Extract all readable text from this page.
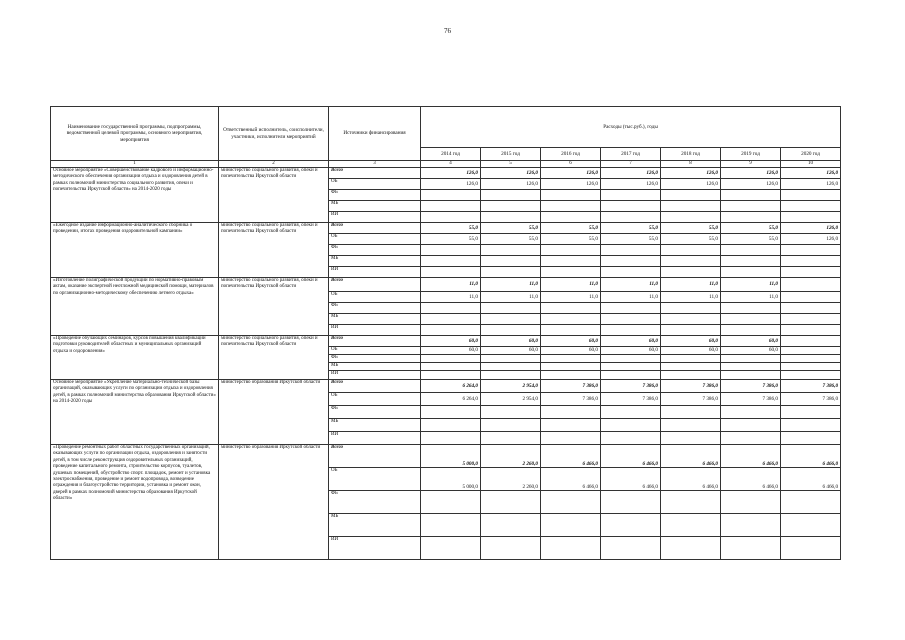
76
Наименование государственной программы, подпрограммы, ведомственной целевой программы, основного мероприятия, мероприятия	Ответственный исполнитель, соисполнители, участники, исполнители мероприятий	Источники финансирования	Расходы (тыс.руб.), годы						
			2014 год	2015 год	2016 год	2017 год	2018 год	2019 год	2020 год
1	2	3	4	5	6	7	8	9	10
Основное мероприятие «Совершенствование кадрового и информационно-методического обеспечения организации отдыха и оздоровления детей в рамках полномочий министерства социального развития, опеки и попечительства Иркутской области» на 2014-2020 годы	министерство социального развития, опеки и попечительства Иркутской области	Всего	126,0	126,0	126,0	126,0	126,0	126,0	126,0
		ОБ	126,0	126,0	126,0	126,0	126,0	126,0	126,0
		ФБ							
		МБ							
		ИИ							
«Ежегодное издание информационно-аналитического сборника о проведении, итогах проведения оздоровительной кампании»	министерство социального развития, опеки и попечительства Иркутской области	Всего	55,0	55,0	55,0	55,0	55,0	55,0	126,0
		ОБ	55,0	55,0	55,0	55,0	55,0	55,0	126,0
		ФБ							
		МБ							
		ИИ							
«Изготовление полиграфической продукции по нормативно-правовым актам, оказание экспертной неотложной медицинской помощи, материалов по организационно-методическому обеспечению летнего отдыха»	министерство социального развития, опеки и попечительства Иркутской области	Всего	11,0	11,0	11,0	11,0	11,0	11,0	
		ОБ	11,0	11,0	11,0	11,0	11,0	11,0	
		ФБ							
		МБ							
		ИИ							
«Проведение обучающих семинаров, курсов повышения квалификации подготовки руководителей областных и муниципальных организаций отдыха и оздоровления»	министерство социального развития, опеки и попечительства Иркутской области	Всего	60,0	60,0	60,0	60,0	60,0	60,0	
		ОБ	60,0	60,0	60,0	60,0	60,0	60,0	
		ФБ							
		МБ							
		ИИ							
Основное мероприятие «Укрепление материально-технической базы организаций, оказывающих услуги по организации отдыха и оздоровления детей, в рамках полномочий министерства образования Иркутской области» на 2014-2020 годы	министерство образования Иркутской области	Всего	6 264,0	2 954,0	7 386,0	7 386,0	7 386,0	7 386,0	7 386,0
		ОБ	6 264,0	2 954,0	7 386,0	7 386,0	7 386,0	7 386,0	7 386,0
		ФБ							
		МБ							
		ИИ							
«Проведение ремонтных работ областных государственных организаций, оказывающих услуги по организации отдыха, оздоровления и занятости детей, в том числе реконструкция оздоровительных организаций, проведение капитального ремонта, строительство корпусов, туалетов, душевых помещений, обустройство спорт. площадок, ремонт и установка электроснабжения, проведение и ремонт водопровода, возведение ограждения и благоустройство территории, установка и ремонт окон, дверей в рамках полномочий министерства образования Иркутской области»	министерство образования Иркутской области	Всего	5 000,0	2 260,0	6 466,0	6 466,0	6 466,0	6 466,0	6 466,0
		ОБ	5 000,0	2 260,0	6 466,0	6 466,0	6 466,0	6 466,0	6 466,0
		ФБ							
		МБ							
		ИИ							
